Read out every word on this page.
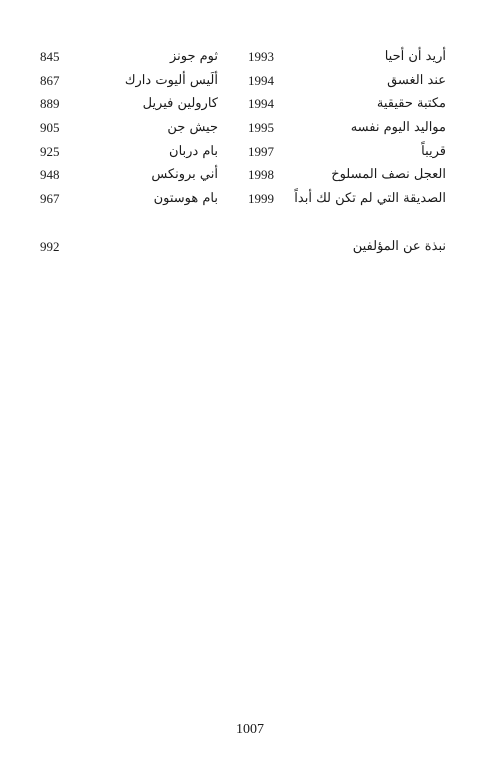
أريد أن أحيا
1993
ثوم جونز
845
عند الغسق
1994
ألَيس أليوت دارك
867
مكتبة حقيقية
1994
كارولين فيريل
889
مواليد اليوم نفسه
1995
جيش جن
905
قريباً
1997
بام دربان
925
العجل نصف المسلوخ
1998
أني برونكس
948
الصديقة التي لم تكن لك أبداً
1999
بام هوستون
967
نبذة عن المؤلفين
992
1007
